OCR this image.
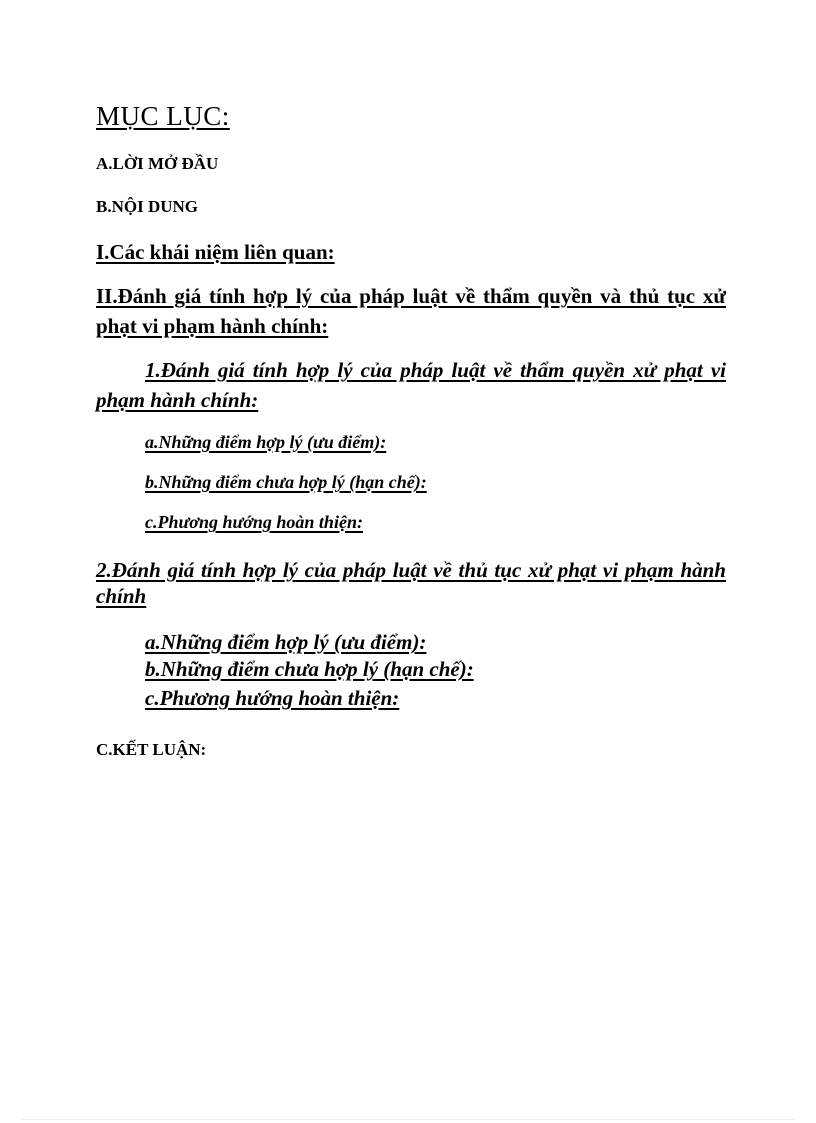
MỤC LỤC:
A.LỜI MỞ ĐẦU
B.NỘI DUNG
I.Các khái niệm liên quan:
II.Đánh giá tính hợp lý của pháp luật về thẩm quyền và thủ tục xử
phạt vi phạm hành chính:
1.Đánh giá tính hợp lý của pháp luật về thẩm quyền xử phạt vi
phạm hành chính:
a.Những điểm hợp lý (ưu điểm):
b.Những điểm chưa hợp lý (hạn chế):
c.Phương hướng hoàn thiện:
2.Đánh giá tính hợp lý của pháp luật về thủ tục xử phạt vi phạm hành
chính
a.Những điểm hợp lý (ưu điểm):
b.Những điểm chưa hợp lý (hạn chế):
c.Phương hướng hoàn thiện:
C.KẾT LUẬN:
